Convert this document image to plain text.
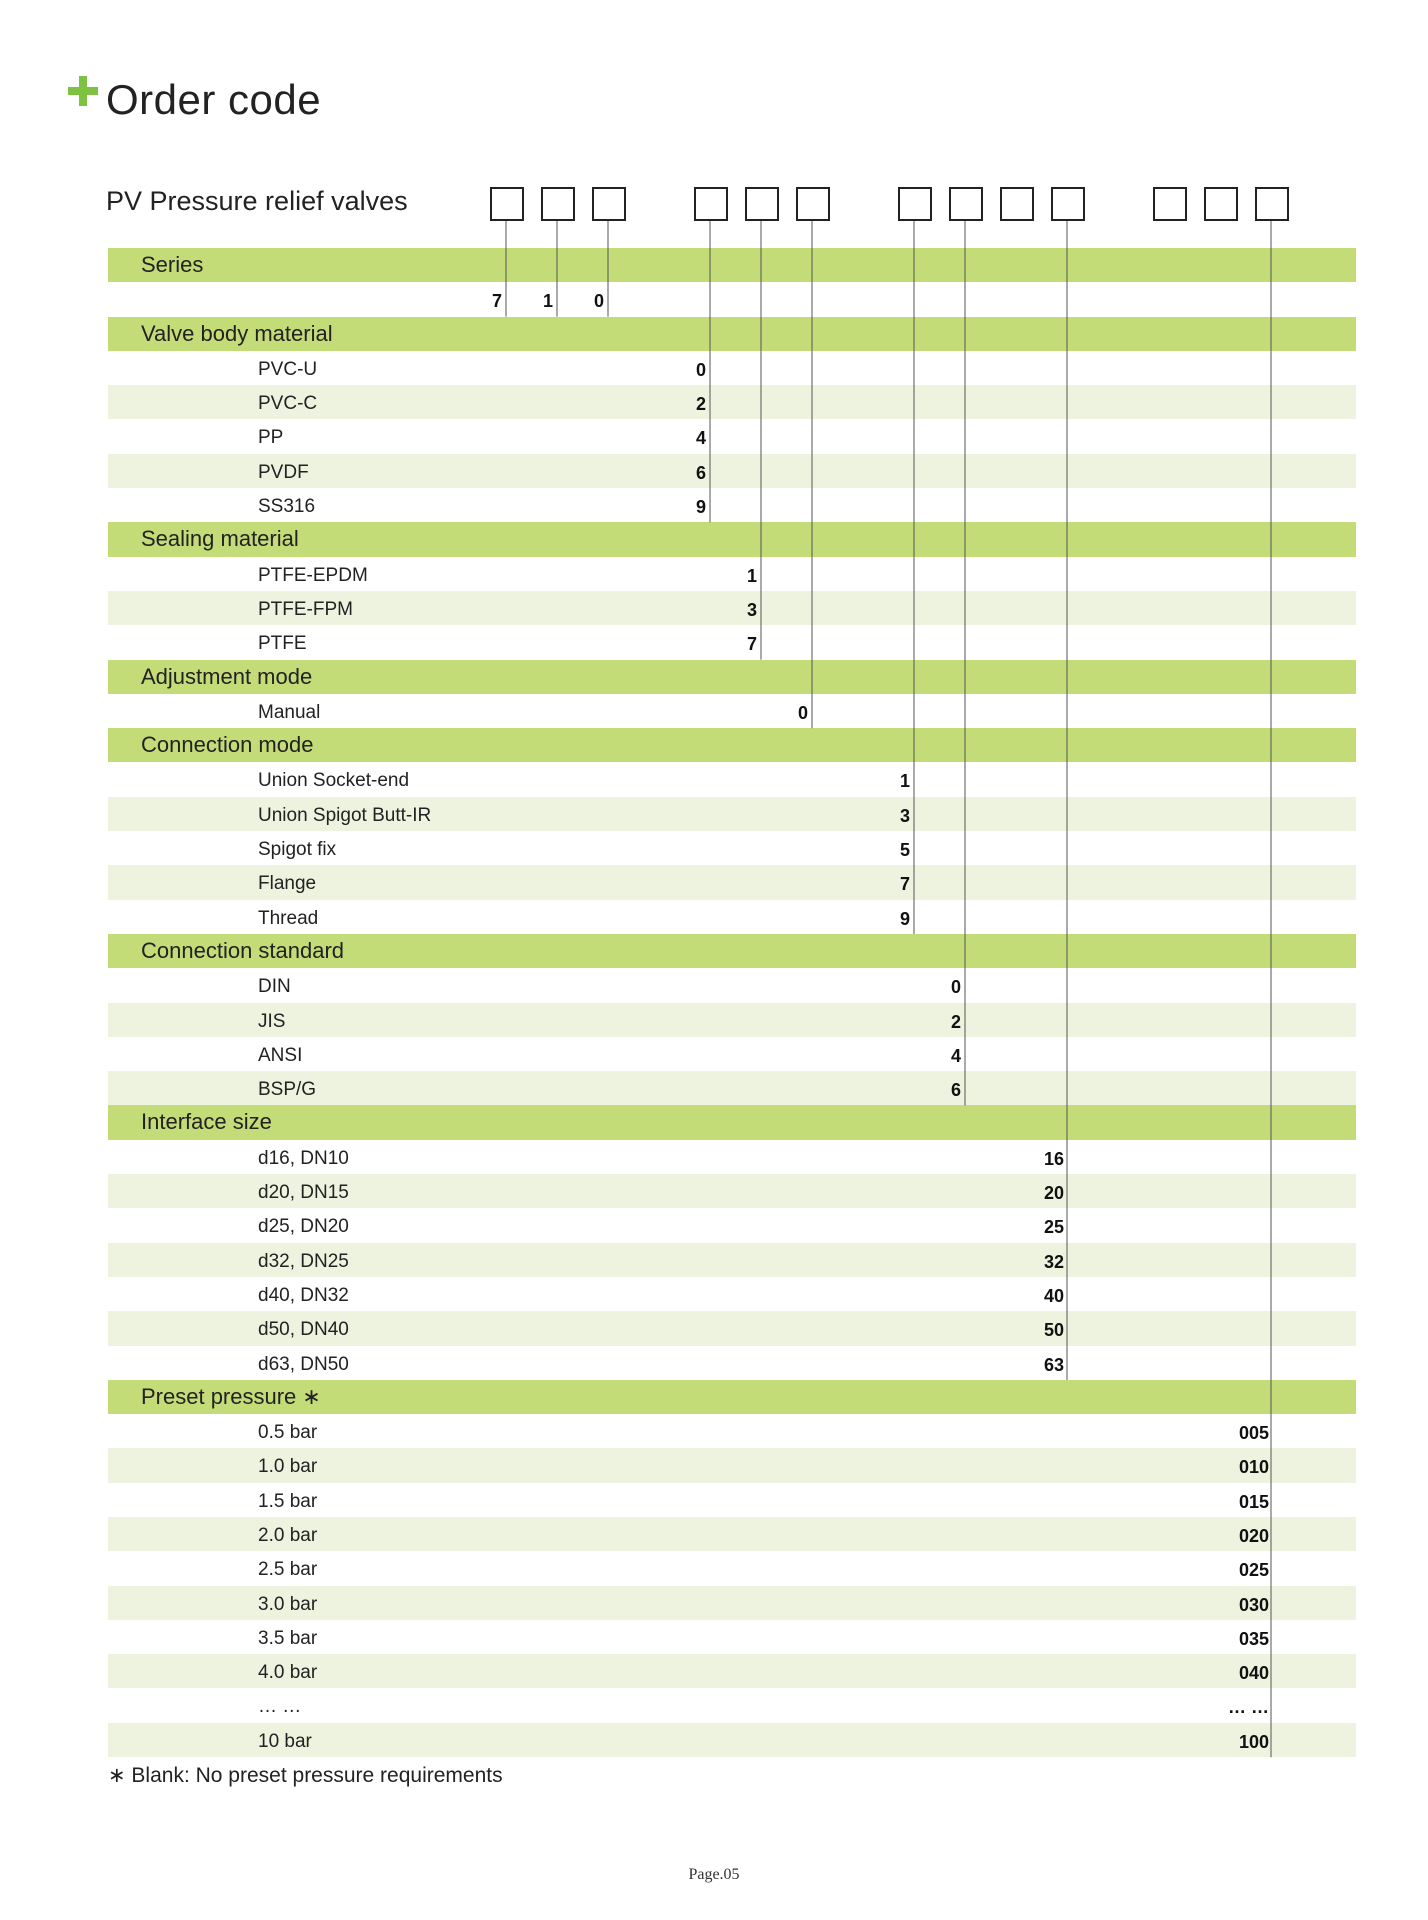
Order code
PV Pressure relief valves
Series
7	1	0
Valve body material
PVC-U	0
PVC-C	2
PP	4
PVDF	6
SS316	9
Sealing material
PTFE-EPDM	1
PTFE-FPM	3
PTFE	7
Adjustment mode
Manual	0
Connection mode
Union Socket-end	1
Union Spigot Butt-IR	3
Spigot fix	5
Flange	7
Thread	9
Connection standard
DIN	0
JIS	2
ANSI	4
BSP/G	6
Interface size
d16, DN10	16
d20, DN15	20
d25, DN20	25
d32, DN25	32
d40, DN32	40
d50, DN40	50
d63, DN50	63
Preset pressure ∗
0.5 bar	005
1.0 bar	010
1.5 bar	015
2.0 bar	020
2.5 bar	025
3.0 bar	030
3.5 bar	035
4.0 bar	040
… …	… …
10 bar	100
∗ Blank: No preset pressure requirements
Page.05
